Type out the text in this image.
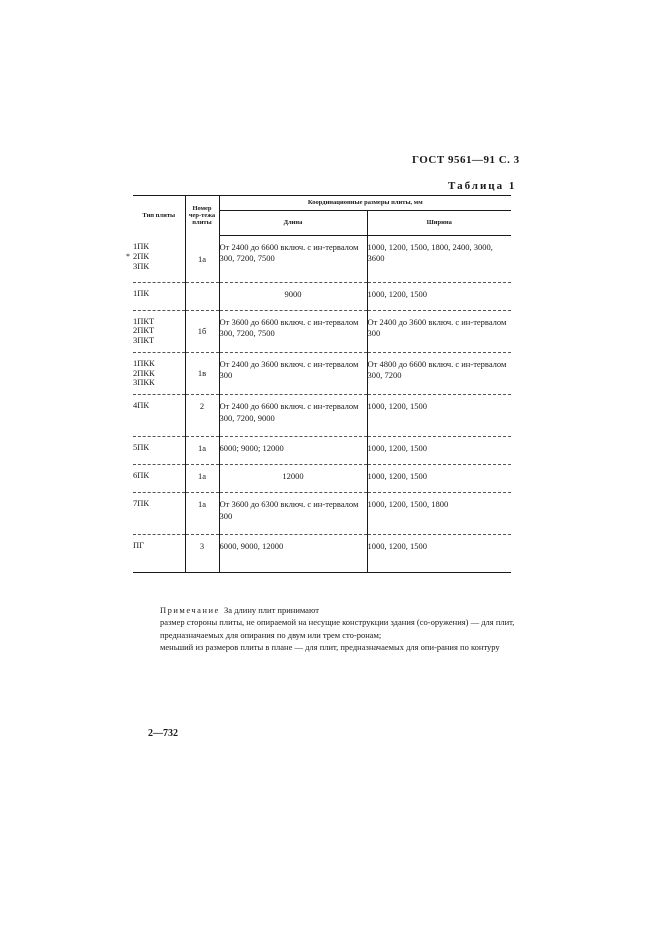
ГОСТ 9561—91 С. 3
Таблица 1
*
Тип плиты	Номер чер-тежа плиты	Координационные размеры плиты, мм	
		Длина	Ширина

1ПК
2ПК
3ПК	1а	От 2400 до 6600 включ. с ин-тервалом 300, 7200, 7500	1000, 1200, 1500, 1800, 2400, 3000, 3600

1ПК		9000	1000, 1200, 1500

1ПКТ
2ПКТ
3ПКТ	1б	От 3600 до 6600 включ. с ин-тервалом 300, 7200, 7500	От 2400 до 3600 включ. с ин-тервалом 300

1ПКК
2ПКК
3ПКК	1в	От 2400 до 3600 включ. с ин-тервалом 300	От 4800 до 6600 включ. с ин-тервалом 300, 7200

4ПК	2	От 2400 до 6600 включ. с ин-тервалом 300, 7200, 9000	1000, 1200, 1500

5ПК	1а	6000; 9000; 12000	1000, 1200, 1500

6ПК	1а	12000	1000, 1200, 1500

7ПК	1а	От 3600 до 6300 включ. с ин-тервалом 300	1000, 1200, 1500, 1800

ПГ	3	6000, 9000, 12000	1000, 1200, 1500

Примечание За длину плит принимают

размер стороны плиты, не опираемой на несущие конструкции здания (со-оружения) — для плит, предназначаемых для опирания по двум или трем сто-ронам;

меньший из размеров плиты в плане — для плит, предназначаемых для опи-рания по контуру

2—732
